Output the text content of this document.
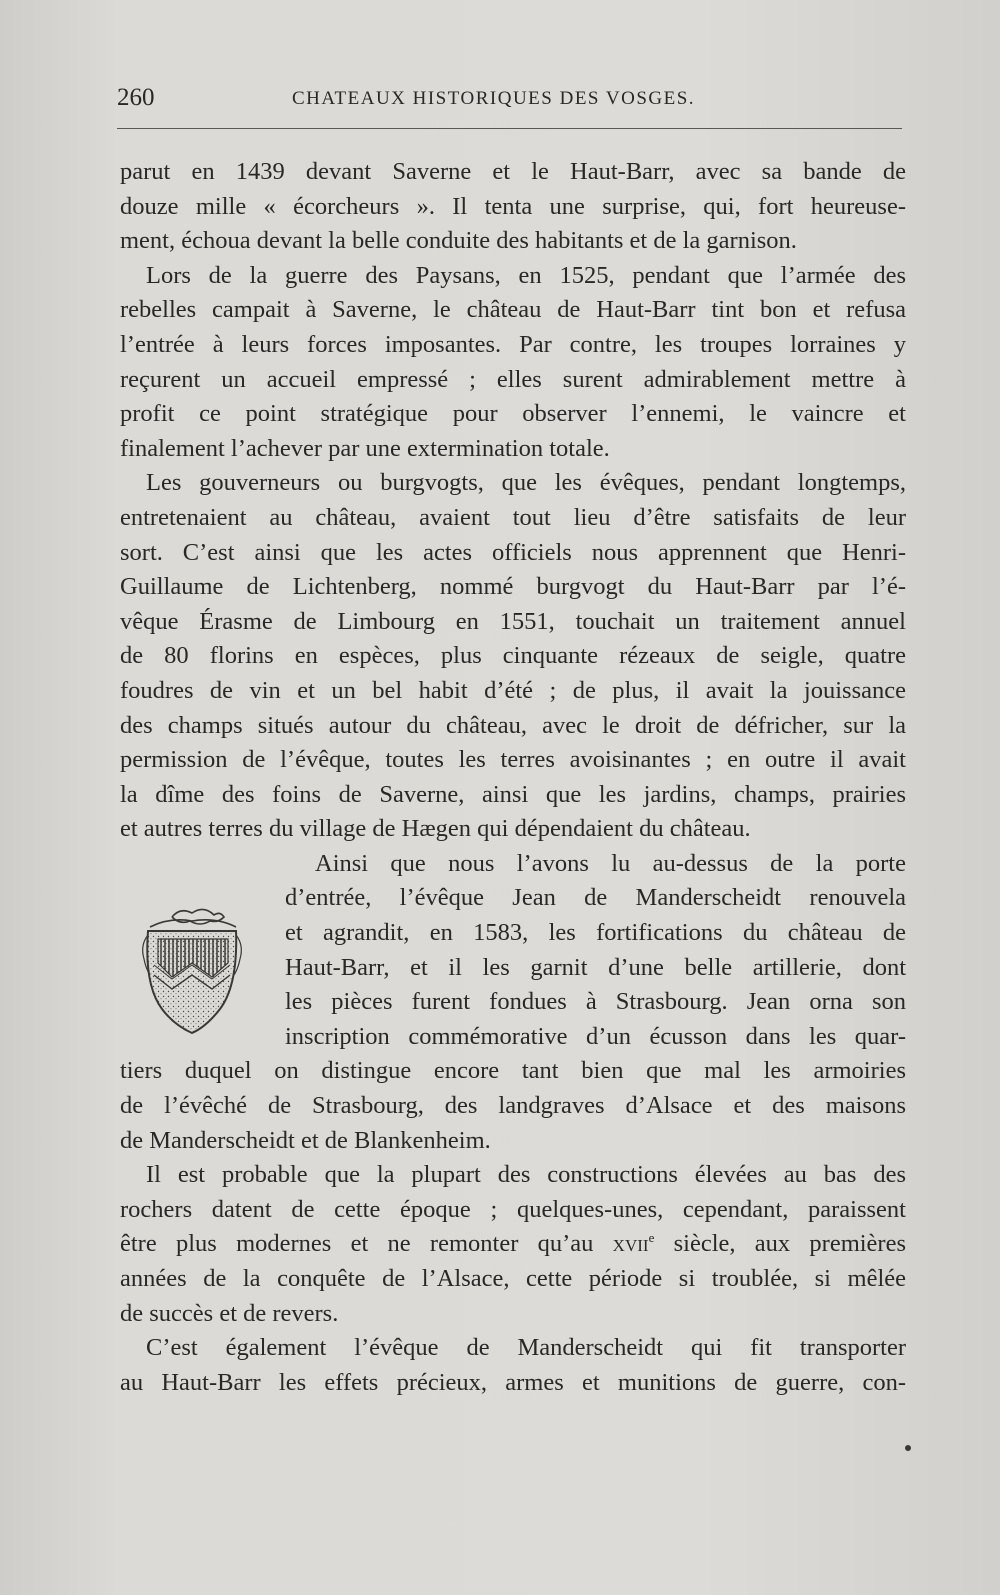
260	CHATEAUX HISTORIQUES DES VOSGES.
parut en 1439 devant Saverne et le Haut-Barr, avec sa bande de
douze mille « écorcheurs ». Il tenta une surprise, qui, fort heureuse-
ment, échoua devant la belle conduite des habitants et de la garnison.
Lors de la guerre des Paysans, en 1525, pendant que l’armée des
rebelles campait à Saverne, le château de Haut-Barr tint bon et refusa
l’entrée à leurs forces imposantes. Par contre, les troupes lorraines y
reçurent un accueil empressé ; elles surent admirablement mettre à
profit ce point stratégique pour observer l’ennemi, le vaincre et
finalement l’achever par une extermination totale.
Les gouverneurs ou burgvogts, que les évêques, pendant longtemps,
entretenaient au château, avaient tout lieu d’être satisfaits de leur
sort. C’est ainsi que les actes officiels nous apprennent que Henri-
Guillaume de Lichtenberg, nommé burgvogt du Haut-Barr par l’é-
vêque Érasme de Limbourg en 1551, touchait un traitement annuel
de 80 florins en espèces, plus cinquante rézeaux de seigle, quatre
foudres de vin et un bel habit d’été ; de plus, il avait la jouissance
des champs situés autour du château, avec le droit de défricher, sur la
permission de l’évêque, toutes les terres avoisinantes ; en outre il avait
la dîme des foins de Saverne, ainsi que les jardins, champs, prairies
et autres terres du village de Hægen qui dépendaient du château.
Ainsi que nous l’avons lu au-dessus de la porte
d’entrée, l’évêque Jean de Manderscheidt renouvela
et agrandit, en 1583, les fortifications du château de
Haut-Barr, et il les garnit d’une belle artillerie, dont
les pièces furent fondues à Strasbourg. Jean orna son
inscription commémorative d’un écusson dans les quar-
tiers duquel on distingue encore tant bien que mal les armoiries
de l’évêché de Strasbourg, des landgraves d’Alsace et des maisons
de Manderscheidt et de Blankenheim.
Il est probable que la plupart des constructions élevées au bas des
rochers datent de cette époque ; quelques-unes, cependant, paraissent
être plus modernes et ne remonter qu’au xvii$^e$ siècle, aux premières
années de la conquête de l’Alsace, cette période si troublée, si mêlée
de succès et de revers.
C’est également l’évêque de Manderscheidt qui fit transporter
au Haut-Barr les effets précieux, armes et munitions de guerre, con-
